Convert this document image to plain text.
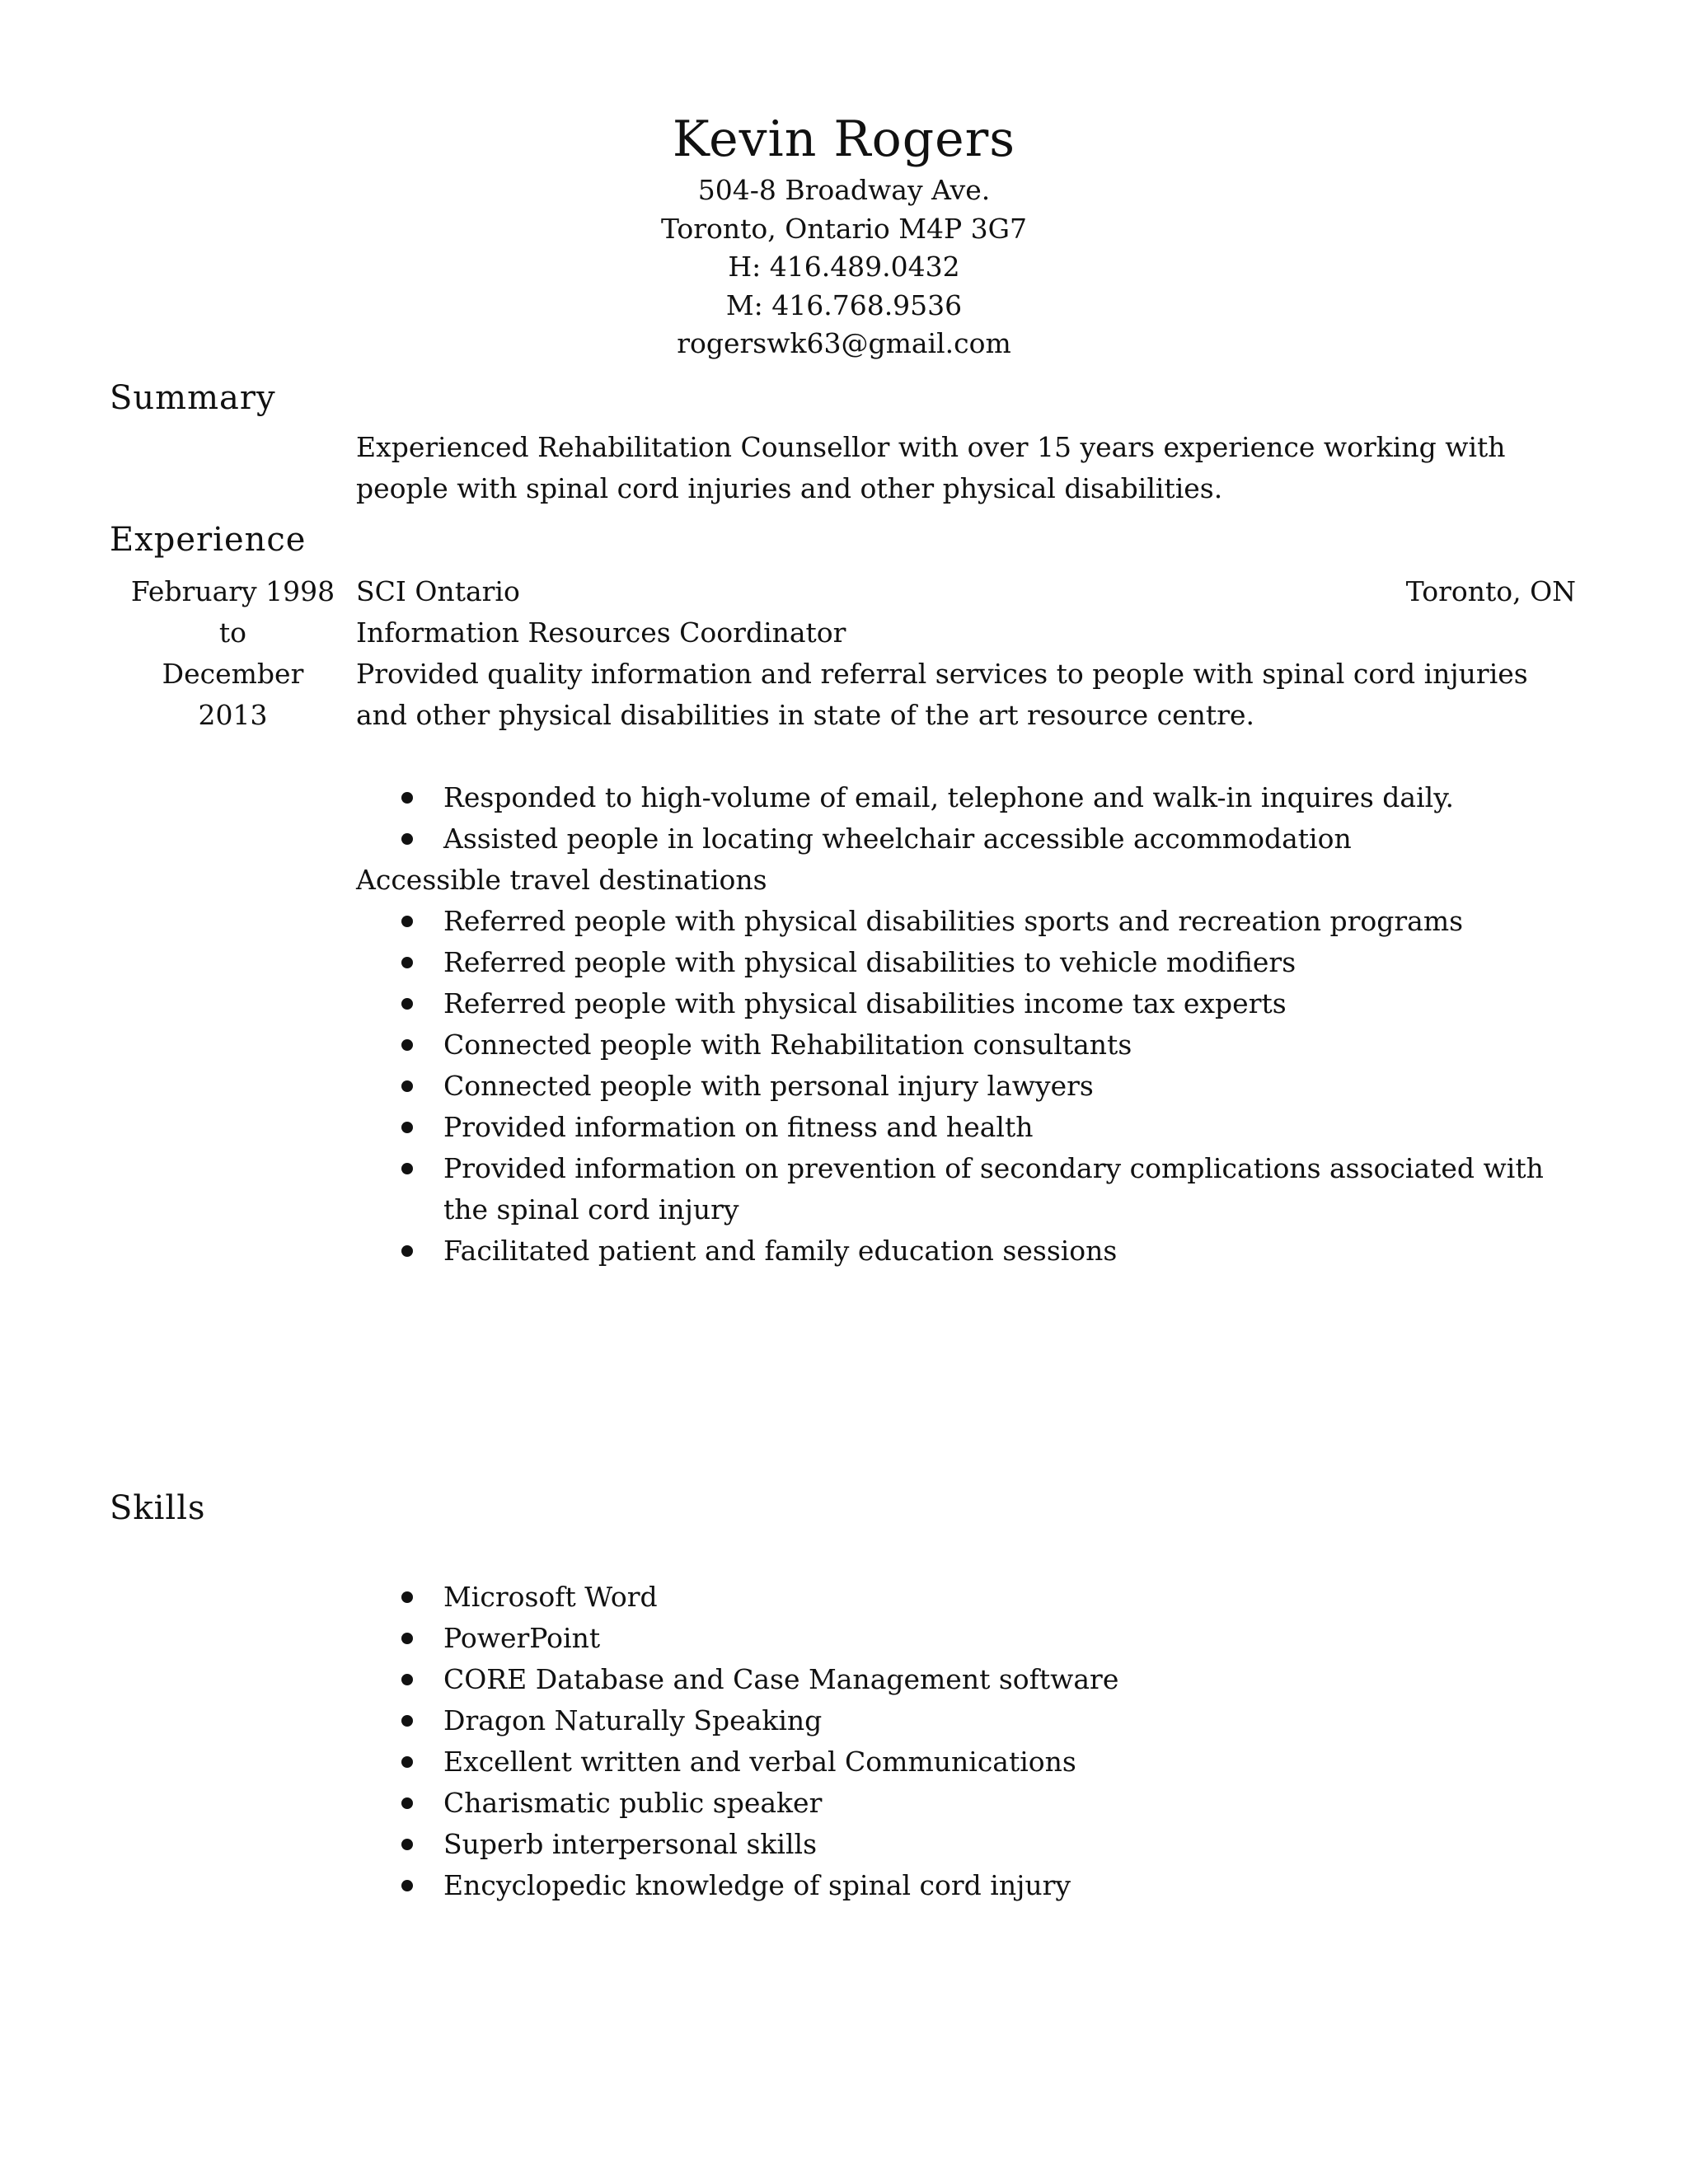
Kevin Rogers
504-8 Broadway Ave.
Toronto, Ontario M4P 3G7
H: 416.489.0432
M: 416.768.9536
rogerswk63@gmail.com
Summary
Experienced Rehabilitation Counsellor with over 15 years experience working with people with spinal cord injuries and other physical disabilities.
Experience
February 1998
to
December 2013
SCI Ontario	Toronto, ON
Information Resources Coordinator

Provided quality information and referral services to people with spinal cord injuries and other physical disabilities in state of the art resource centre.

Responded to high-volume of email, telephone and walk-in inquires daily.
Assisted people in locating wheelchair accessible accommodation
Accessible travel destinations
Referred people with physical disabilities sports and recreation programs
Referred people with physical disabilities to vehicle modifiers
Referred people with physical disabilities income tax experts
Connected people with Rehabilitation consultants
Connected people with personal injury lawyers
Provided information on fitness and health
Provided information on prevention of secondary complications associated with the spinal cord injury
Facilitated patient and family education sessions
Skills
Microsoft Word
PowerPoint
CORE Database and Case Management software
Dragon Naturally Speaking
Excellent written and verbal Communications
Charismatic public speaker
Superb interpersonal skills
Encyclopedic knowledge of spinal cord injury
